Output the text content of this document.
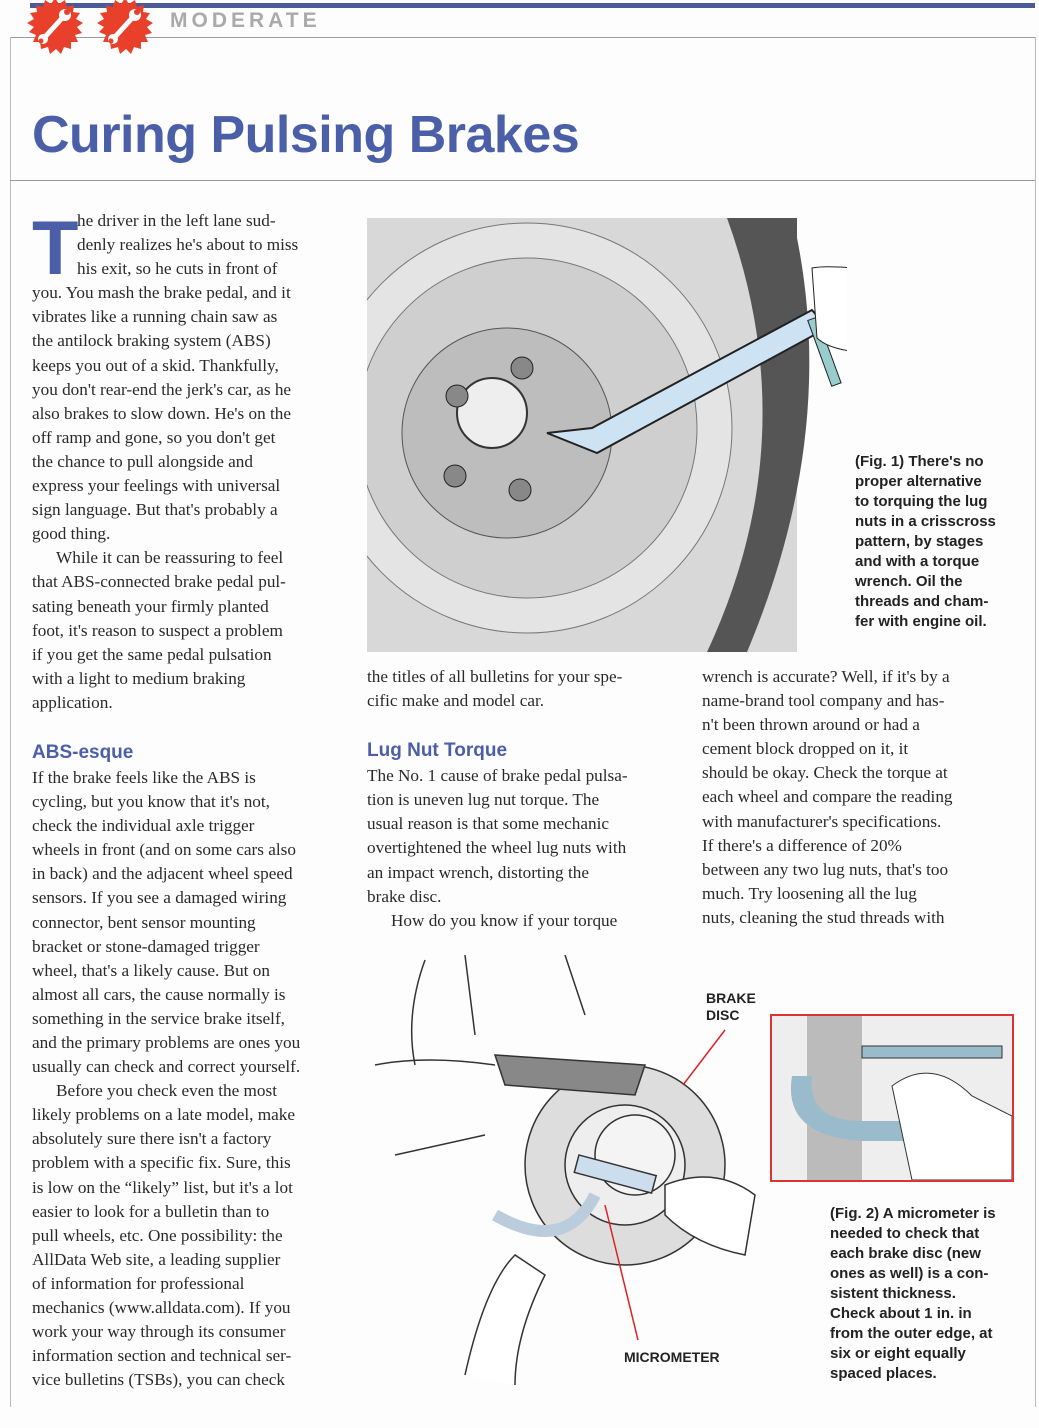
MODERATE
Curing Pulsing Brakes
T
he driver in the left lane sud-
denly realizes he's about to miss
his exit, so he cuts in front of
you. You mash the brake pedal, and it
vibrates like a running chain saw as
the antilock braking system (ABS)
keeps you out of a skid. Thankfully,
you don't rear-end the jerk's car, as he
also brakes to slow down. He's on the
off ramp and gone, so you don't get
the chance to pull alongside and
express your feelings with universal
sign language. But that's probably a
good thing.
While it can be reassuring to feel
that ABS-connected brake pedal pul-
sating beneath your firmly planted
foot, it's reason to suspect a problem
if you get the same pedal pulsation
with a light to medium braking
application.
ABS-esque
If the brake feels like the ABS is
cycling, but you know that it's not,
check the individual axle trigger
wheels in front (and on some cars also
in back) and the adjacent wheel speed
sensors. If you see a damaged wiring
connector, bent sensor mounting
bracket or stone-damaged trigger
wheel, that's a likely cause. But on
almost all cars, the cause normally is
something in the service brake itself,
and the primary problems are ones you
usually can check and correct yourself.
Before you check even the most
likely problems on a late model, make
absolutely sure there isn't a factory
problem with a specific fix. Sure, this
is low on the “likely” list, but it's a lot
easier to look for a bulletin than to
pull wheels, etc. One possibility: the
AllData Web site, a leading supplier
of information for professional
mechanics (www.alldata.com). If you
work your way through its consumer
information section and technical ser-
vice bulletins (TSBs), you can check
(Fig. 1) There's no
proper alternative
to torquing the lug
nuts in a crisscross
pattern, by stages
and with a torque
wrench. Oil the
threads and cham-
fer with engine oil.
the titles of all bulletins for your spe-
cific make and model car.
Lug Nut Torque
The No. 1 cause of brake pedal pulsa-
tion is uneven lug nut torque. The
usual reason is that some mechanic
overtightened the wheel lug nuts with
an impact wrench, distorting the
brake disc.
How do you know if your torque
wrench is accurate? Well, if it's by a
name-brand tool company and has-
n't been thrown around or had a
cement block dropped on it, it
should be okay. Check the torque at
each wheel and compare the reading
with manufacturer's specifications.
If there's a difference of 20%
between any two lug nuts, that's too
much. Try loosening all the lug
nuts, cleaning the stud threads with
BRAKE
DISC
MICROMETER
(Fig. 2) A micrometer is
needed to check that
each brake disc (new
ones as well) is a con-
sistent thickness.
Check about 1 in. in
from the outer edge, at
six or eight equally
spaced places.
